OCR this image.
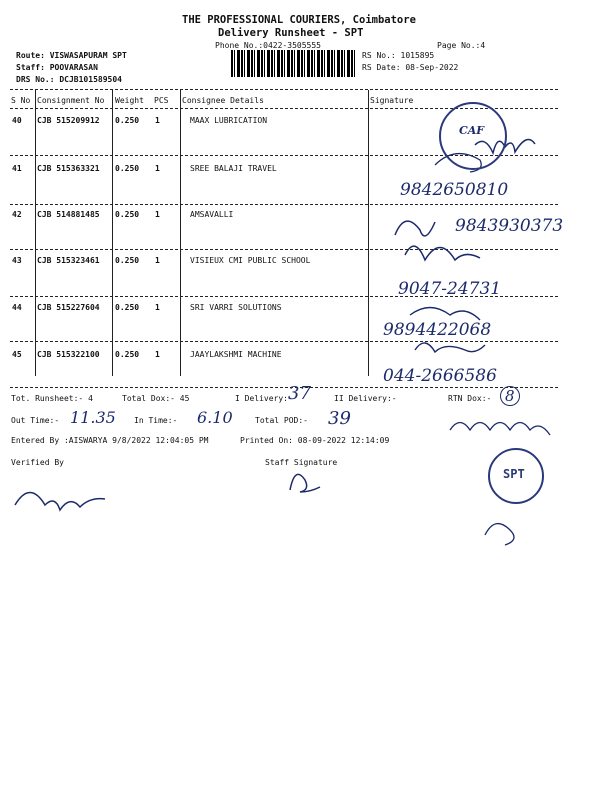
THE PROFESSIONAL COURIERS, Coimbatore
Delivery Runsheet - SPT
Phone No.:0422-3505555	Page No.:4
Route: VISWASAPURAM SPT
Staff: POOVARASAN
DRS No.: DCJB101589504
RS No.: 1015895
RS Date: 08-Sep-2022
S No Consignment No Weight PCS Consignee Details	Signature
40 CJB 515209912 0.250 1	MAAX LUBRICATION
41 CJB 515363321 0.250 1	SREE BALAJI TRAVEL
9842650810
42 CJB 514881485 0.250 1	AMSAVALLI
9843930373
43 CJB 515323461 0.250 1	VISIEUX CMI PUBLIC SCHOOL
9047-24731
44 CJB 515227604 0.250 1	SRI VARRI SOLUTIONS
9894422068
45 CJB 515322100 0.250 1	JAAYLAKSHMI MACHINE
044-2666586
CAF
Tot. Runsheet:- 4	Total Dox:- 45	I Delivery:-
37	II Delivery:-	RTN Dox:- 8
Out Time:- 11.35 In Time:- 6.10	Total POD:- 39
Entered By :AISWARYA 9/8/2022 12:04:05 PM	Printed On: 08-09-2022 12:14:09
Verified By	Staff Signature
SPT
